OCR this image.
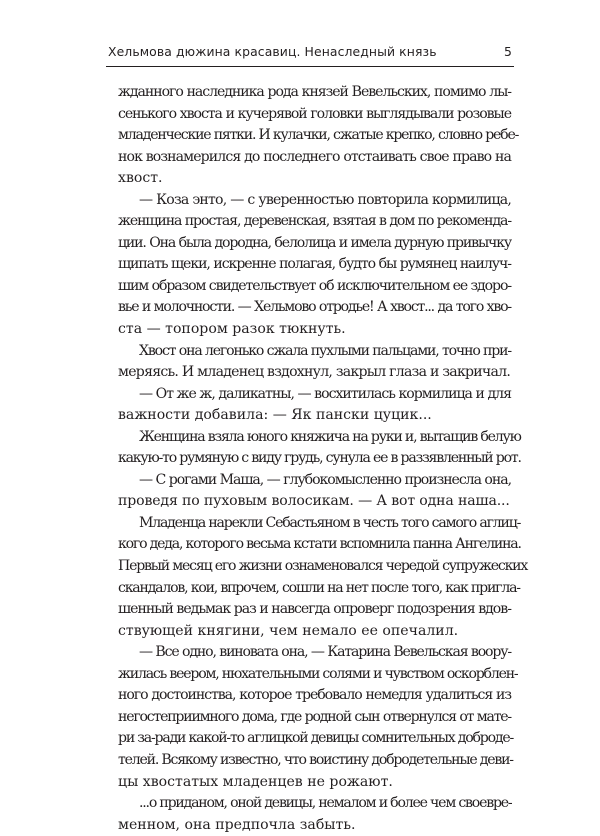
Хельмова дюжина красавиц. Ненаследный князь	5
жданного наследника рода князей Вевельских, помимо лы-
сенького хвоста и кучерявой головки выглядывали розовые
младенческие пятки. И кулачки, сжатые крепко, словно ребе-
нок вознамерился до последнего отстаивать свое право на
хвост.
— Коза энто, — с уверенностью повторила кормилица,
женщина простая, деревенская, взятая в дом по рекоменда-
ции. Она была дородна, белолица и имела дурную привычку
щипать щеки, искренне полагая, будто бы румянец наилуч-
шим образом свидетельствует об исключительном ее здоро-
вье и молочности. — Хельмово отродье! А хвост... да того хво-
ста — топором разок тюкнуть.
Хвост она легонько сжала пухлыми пальцами, точно при-
меряясь. И младенец вздохнул, закрыл глаза и закричал.
— От же ж, даликатны, — восхитилась кормилица и для
важности добавила: — Як пански цуцик...
Женщина взяла юного княжича на руки и, вытащив белую
какую-то румяную с виду грудь, сунула ее в раззявленный рот.
— С рогами Маша, — глубокомысленно произнесла она,
проведя по пуховым волосикам. — А вот одна наша...
Младенца нарекли Себастьяном в честь того самого аглиц-
кого деда, которого весьма кстати вспомнила панна Ангелина.
Первый месяц его жизни ознаменовался чередой супружеских
скандалов, кои, впрочем, сошли на нет после того, как пригла-
шенный ведьмак раз и навсегда опроверг подозрения вдов-
ствующей княгини, чем немало ее опечалил.
— Все одно, виновата она, — Катарина Вевельская вooру-
жилась веером, нюхательными солями и чувством оскорблен-
ного достоинства, которое требовало немедля удалиться из
негостеприимного дома, где родной сын отвернулся от матe-
ри за-ради какой-то аглицкой девицы сомнительных доброде-
телей. Всякому известно, что воистину добродетельные деви-
цы хвостатых младенцев не рожают.
...о приданом, оной девицы, немалом и более чем своевре-
менном, она предпочла забыть.
